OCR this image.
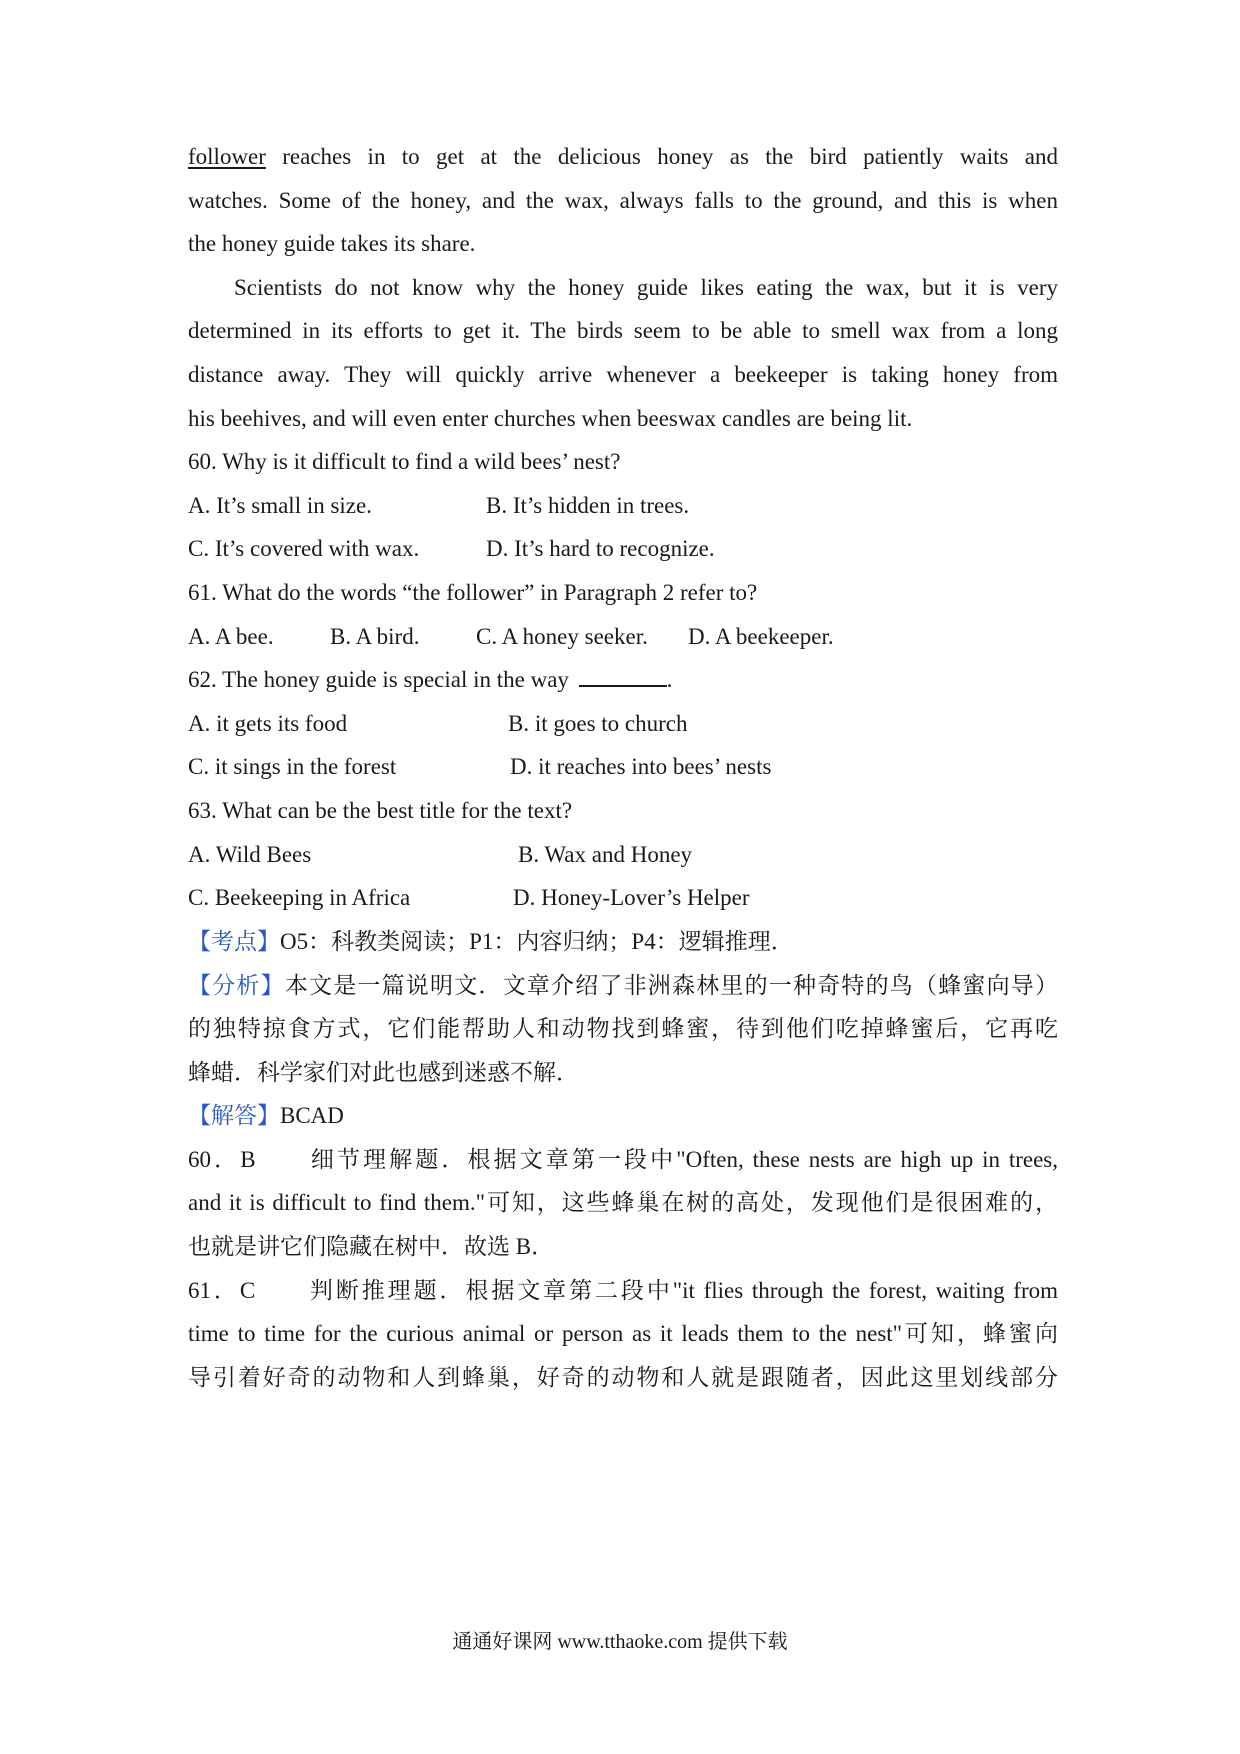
follower reaches in to get at the delicious honey as the bird patiently waits and
watches. Some of the honey, and the wax, always falls to the ground, and this is when
the honey guide takes its share.
Scientists do not know why the honey guide likes eating the wax, but it is very
determined in its efforts to get it. The birds seem to be able to smell wax from a long
distance away. They will quickly arrive whenever a beekeeper is taking honey from
his beehives, and will even enter churches when beeswax candles are being lit.
60. Why is it difficult to find a wild bees’ nest?
A. It’s small in size.	B. It’s hidden in trees.
C. It’s covered with wax.	D. It’s hard to recognize.
61. What do the words “the follower” in Paragraph 2 refer to?
A. A bee. B. A bird. C. A honey seeker. D. A beekeeper.
62. The honey guide is special in the way	.
A. it gets its food	B. it goes to church
C. it sings in the forest	D. it reaches into bees’ nests
63. What can be the best title for the text?
A. Wild Bees	B. Wax and Honey
C. Beekeeping in Africa	D. Honey-Lover’s Helper
【考点】O5：科教类阅读；P1：内容归纳；P4：逻辑推理．
【分析】本文是一篇说明文．文章介绍了非洲森林里的一种奇特的鸟（蜂蜜向导）
的独特掠食方式，它们能帮助人和动物找到蜂蜜，待到他们吃掉蜂蜜后，它再吃
蜂蜡．科学家们对此也感到迷惑不解．
【解答】BCAD
60．B　　细节理解题．根据文章第一段中"Often, these nests are high up in trees,
and it is difficult to find them."可知，这些蜂巢在树的高处，发现他们是很困难的，
也就是讲它们隐藏在树中．故选 B．
61．C　　判断推理题．根据文章第二段中"it flies through the forest, waiting from
time to time for the curious animal or person as it leads them to the nest"可知，蜂蜜向
导引着好奇的动物和人到蜂巢，好奇的动物和人就是跟随者，因此这里划线部分
通通好课网 www.tthaoke.com 提供下载
